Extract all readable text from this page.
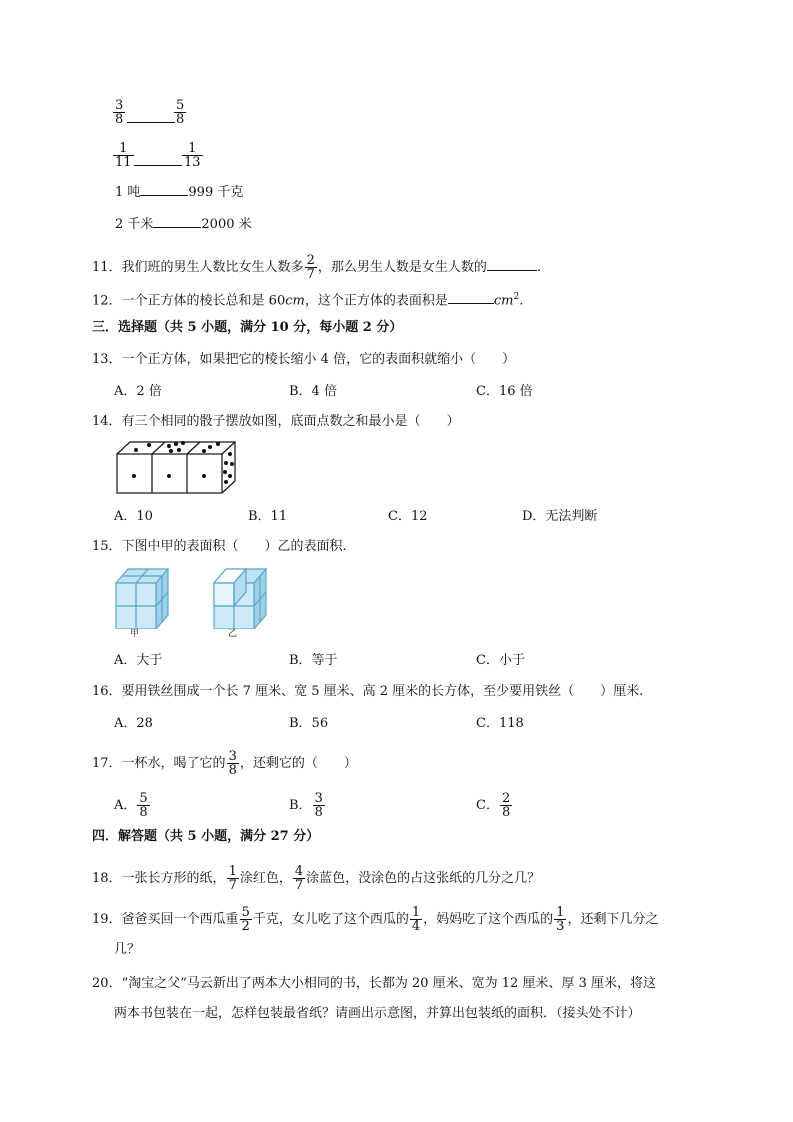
$\frac{3}{8}$	$\frac{5}{8}$
$\frac{1}{11}$	$\frac{1}{13}$
1 吨	999 千克
2 千米	2000 米
11．我们班的男生人数比女生人数多 $\frac{2}{7}$ ，那么男生人数是女生人数的	.
12．一个正方体的棱长总和是 60cm，这个正方体的表面积是	$cm^2$.
三．选择题（共 5 小题，满分 10 分，每小题 2 分）
13．一个正方体，如果把它的棱长缩小 4 倍，它的表面积就缩小（　　）
A．2 倍	B．4 倍	C．16 倍
14．有三个相同的骰子摆放如图，底面点数之和最小是（　　）
A．10	B．11	C．12	D．无法判断
15．下图中甲的表面积（　　）乙的表面积.
甲	乙
A．大于	B．等于	C．小于
16．要用铁丝围成一个长 7 厘米、宽 5 厘米、高 2 厘米的长方体，至少要用铁丝（　　）厘米.
A．28	B．56	C．118
17．一杯水，喝了它的 $\frac{3}{8}$ ，还剩它的（　　）
A． $\frac{5}{8}$	B． $\frac{3}{8}$	C． $\frac{2}{8}$
四．解答题（共 5 小题，满分 27 分）
18．一张长方形的纸， $\frac{1}{7}$ 涂红色， $\frac{4}{7}$ 涂蓝色，没涂色的占这张纸的几分之几？
19．爸爸买回一个西瓜重 $\frac{5}{2}$ 千克，女儿吃了这个西瓜的 $\frac{1}{4}$ ，妈妈吃了这个西瓜的 $\frac{1}{3}$ ，还剩下几分之
几？
20．“淘宝之父”马云新出了两本大小相同的书，长都为 20 厘米、宽为 12 厘米、厚 3 厘米，将这
两本书包装在一起，怎样包装最省纸？请画出示意图，并算出包装纸的面积．（接头处不计）
